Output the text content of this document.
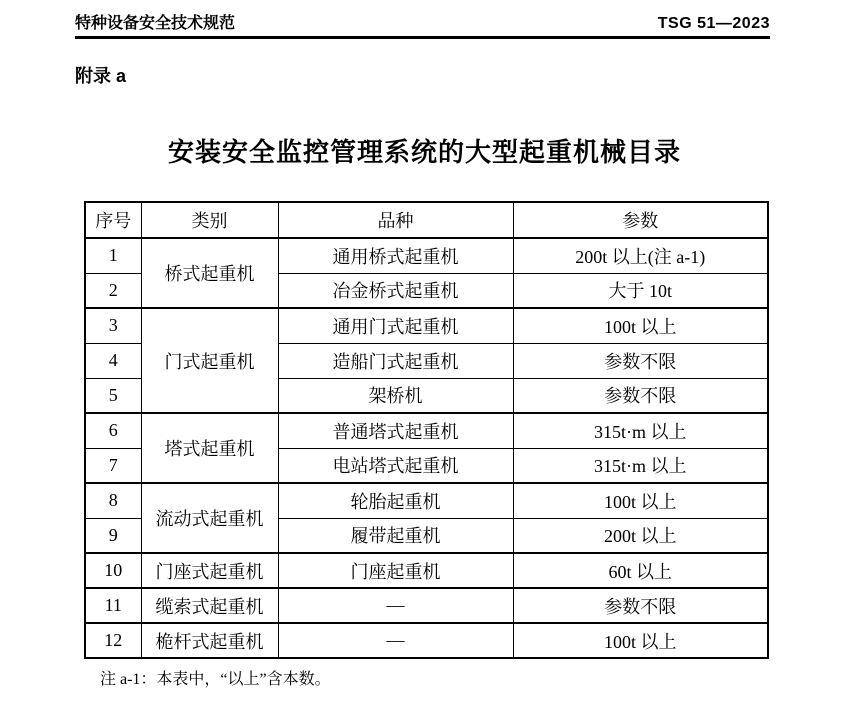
特种设备安全技术规范	TSG 51—2023
附录 a
安装安全监控管理系统的大型起重机械目录
序号	类别	品种	参数
1	桥式起重机	通用桥式起重机	200t 以上(注 a-1)
2		冶金桥式起重机	大于 10t
3	门式起重机	通用门式起重机	100t 以上
4		造船门式起重机	参数不限
5		架桥机	参数不限
6	塔式起重机	普通塔式起重机	315t·m 以上
7		电站塔式起重机	315t·m 以上
8	流动式起重机	轮胎起重机	100t 以上
9		履带起重机	200t 以上
10	门座式起重机	门座起重机	60t 以上
11	缆索式起重机	—	参数不限
12	桅杆式起重机	—	100t 以上
注 a-1：本表中，“以上”含本数。
